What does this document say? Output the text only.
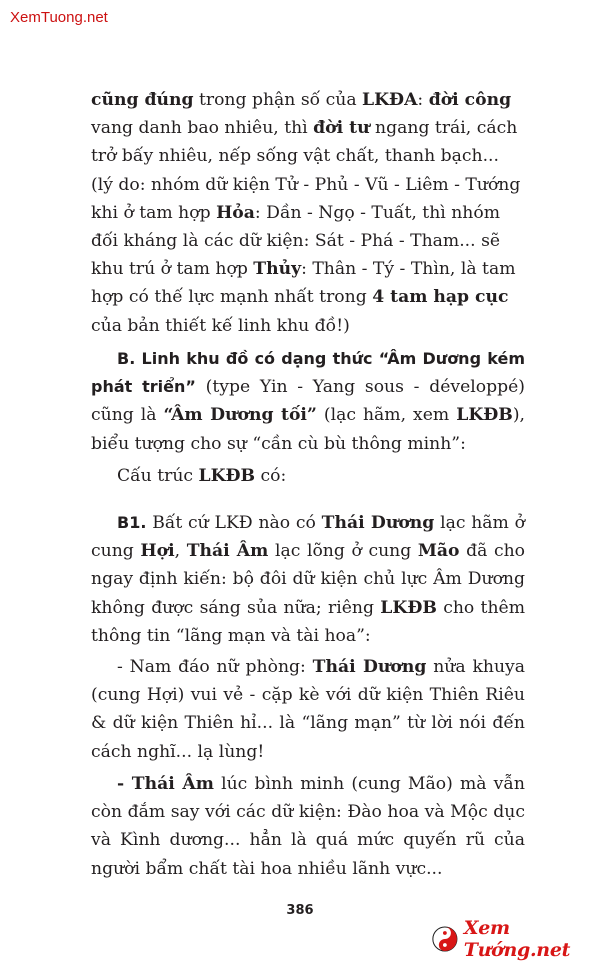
XemTuong.net

cũng đúng trong phận số của LKĐA: đời công vang danh bao nhiêu, thì đời tư ngang trái, cách trở bấy nhiêu, nếp sống vật chất, thanh bạch... (lý do: nhóm dữ kiện Tử - Phủ - Vũ - Liêm - Tướng khi ở tam hợp Hỏa: Dần - Ngọ - Tuất, thì nhóm đối kháng là các dữ kiện: Sát - Phá - Tham... sẽ khu trú ở tam hợp Thủy: Thân - Tý - Thìn, là tam hợp có thế lực mạnh nhất trong 4 tam hạp cục của bản thiết kế linh khu đồ!)

B. Linh khu đồ có dạng thức “Âm Dương kém phát triển” (type Yin - Yang sous - développé) cũng là “Âm Dương tối” (lạc hãm, xem LKĐB), biểu tượng cho sự “cần cù bù thông minh”:

Cấu trúc LKĐB có:

B1. Bất cứ LKĐ nào có Thái Dương lạc hãm ở cung Hợi, Thái Âm lạc lõng ở cung Mão đã cho ngay định kiến: bộ đôi dữ kiện chủ lực Âm Dương không được sáng sủa nữa; riêng LKĐB cho thêm thông tin “lãng mạn và tài hoa”:

- Nam đáo nữ phòng: Thái Dương nửa khuya (cung Hợi) vui vẻ - cặp kè với dữ kiện Thiên Riêu & dữ kiện Thiên hỉ... là “lãng mạn” từ lời nói đến cách nghĩ... lạ lùng!

- Thái Âm lúc bình minh (cung Mão) mà vẫn còn đắm say với các dữ kiện: Đào hoa và Mộc dục và Kình dương... hẳn là quá mức quyến rũ của người bẩm chất tài hoa nhiều lãnh vực...

386
Xem Tướng.net
